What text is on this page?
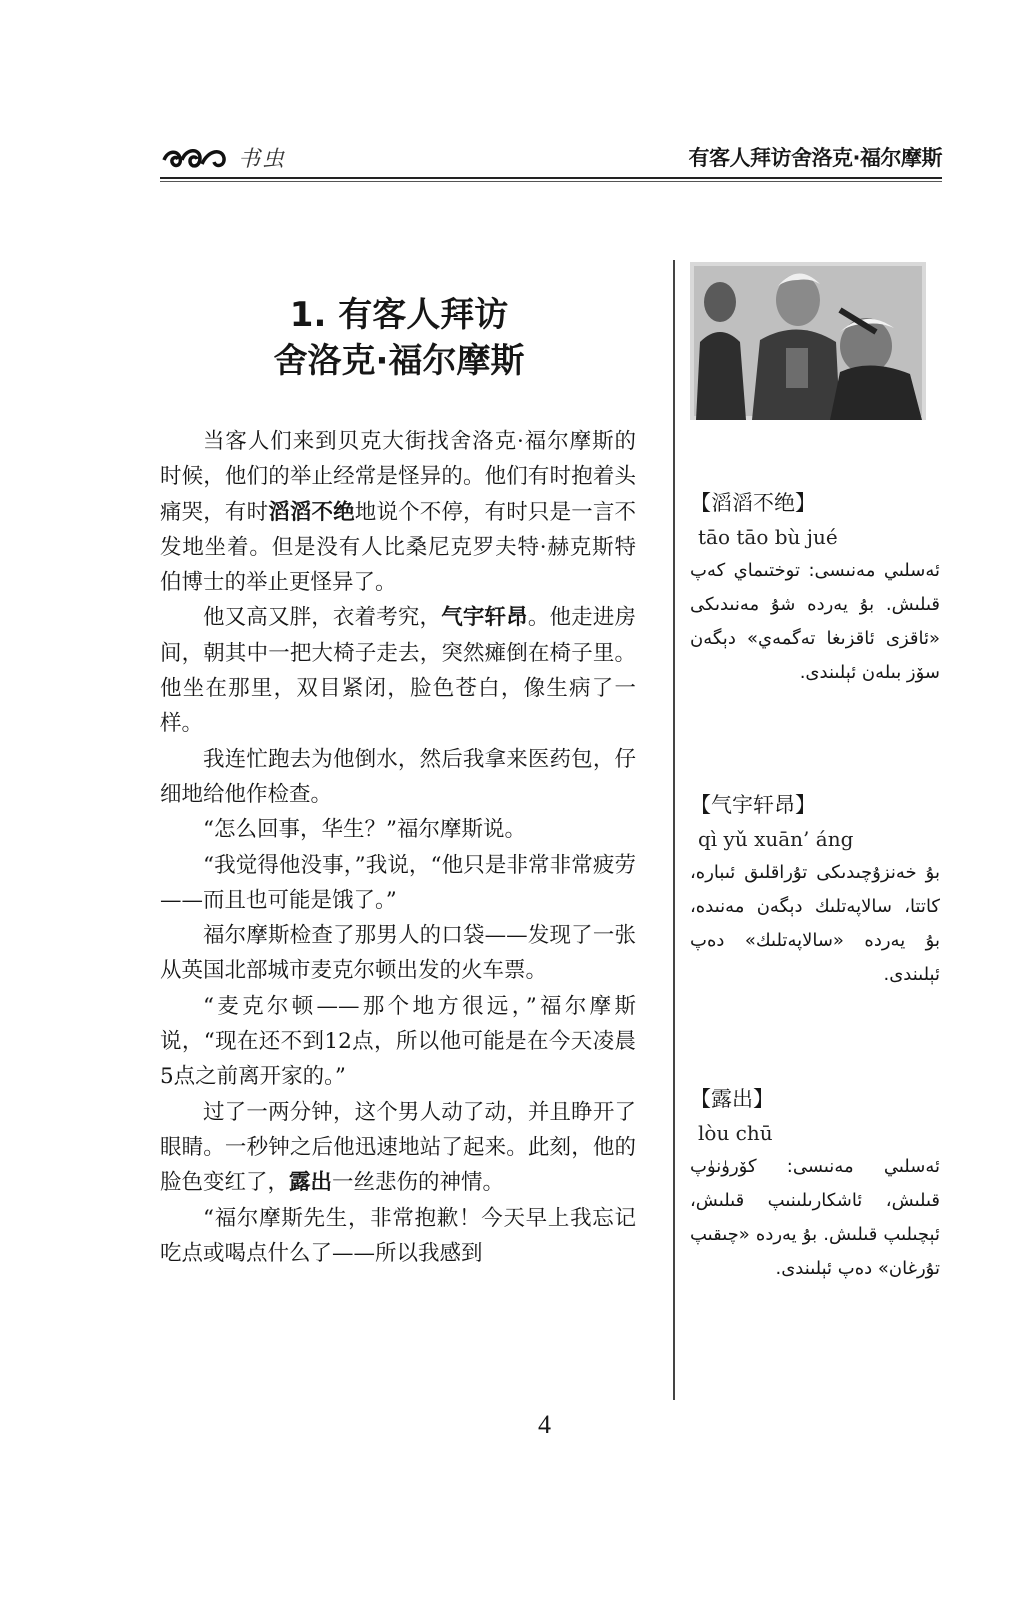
书虫	有客人拜访舍洛克·福尔摩斯
1. 有客人拜访
舍洛克·福尔摩斯

当客人们来到贝克大街找舍洛克·福尔摩斯的时候，他们的举止经常是怪异的。他们有时抱着头痛哭，有时滔滔不绝地说个不停，有时只是一言不发地坐着。但是没有人比桑尼克罗夫特·赫克斯特伯博士的举止更怪异了。

他又高又胖，衣着考究，气宇轩昂。他走进房间，朝其中一把大椅子走去，突然瘫倒在椅子里。他坐在那里，双目紧闭，脸色苍白，像生病了一样。

我连忙跑去为他倒水，然后我拿来医药包，仔细地给他作检查。

“怎么回事，华生？”福尔摩斯说。

“我觉得他没事，”我说，“他只是非常非常疲劳——而且也可能是饿了。”

福尔摩斯检查了那男人的口袋——发现了一张从英国北部城市麦克尔顿出发的火车票。

“麦克尔顿——那个地方很远，”福尔摩斯说，“现在还不到12点，所以他可能是在今天凌晨5点之前离开家的。”

过了一两分钟，这个男人动了动，并且睁开了眼睛。一秒钟之后他迅速地站了起来。此刻，他的脸色变红了，露出一丝悲伤的神情。

“福尔摩斯先生，非常抱歉！今天早上我忘记吃点或喝点什么了——所以我感到

【滔滔不绝】
tāo tāo bù jué
ئەسلىي مەنىسى: توختىماي كەپ قىلىش. بۇ يەردە شۇ مەنىدىكى «ئاقزى ئاقزىغا تەگمەي» دېگەن سۆز بىلەن ئېلىندى.
【气宇轩昂】
qì yǔ xuān’ áng
بۇ خەنزۇچىدىكى تۇراقلىق ئىبارە، كاتتا، سالاپەتلىك دېگەن مەنىدە، بۇ يەردە «سالاپەتلىك» دەپ ئېلىندى.
【露出】
lòu chū
ئەسلىي مەنىسى: كۆرۈنۈپ قىلىش، ئاشكارىلىنىپ قىلىش، ئېچىلىپ قىلىش. بۇ يەردە «چىقىپ تۇرغان» دەپ ئېلىندى.
4
